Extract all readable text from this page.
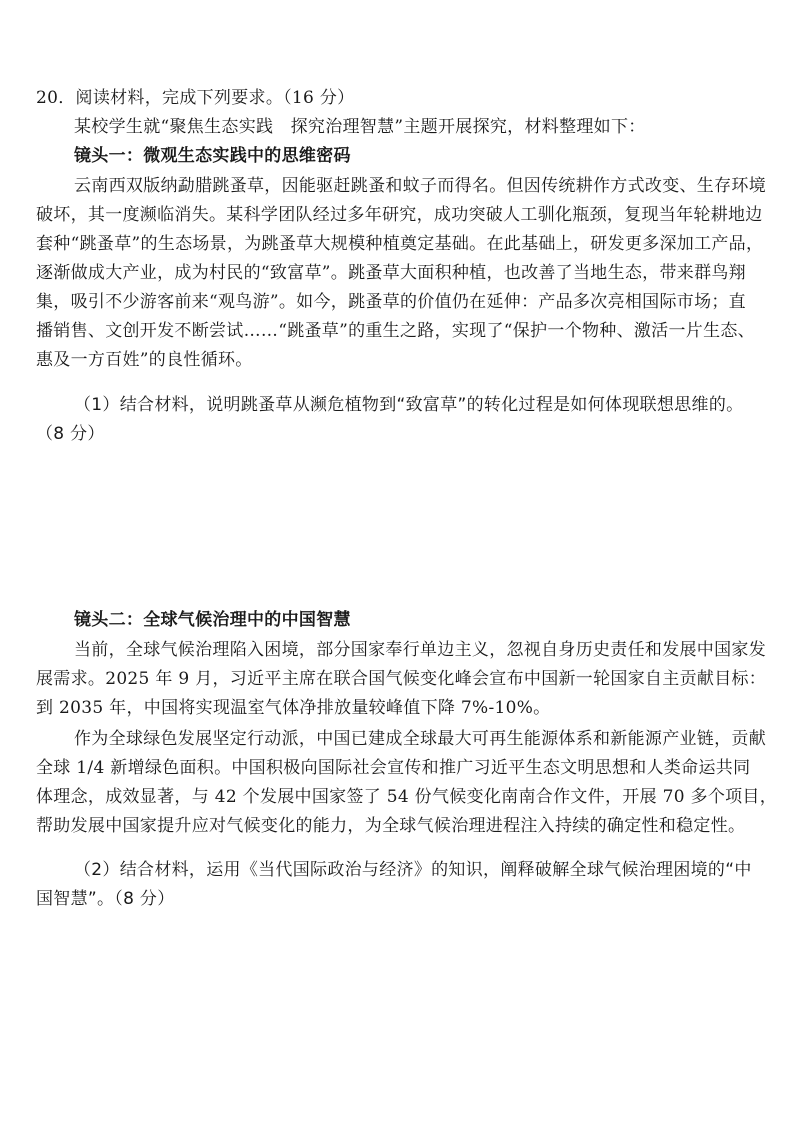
20．阅读材料，完成下列要求。（16 分）
某校学生就“聚焦生态实践　探究治理智慧”主题开展探究，材料整理如下：
镜头一：微观生态实践中的思维密码
云南西双版纳勐腊跳蚤草，因能驱赶跳蚤和蚊子而得名。但因传统耕作方式改变、生存环境
破坏，其一度濒临消失。某科学团队经过多年研究，成功突破人工驯化瓶颈，复现当年轮耕地边
套种“跳蚤草”的生态场景，为跳蚤草大规模种植奠定基础。在此基础上，研发更多深加工产品，
逐渐做成大产业，成为村民的“致富草”。跳蚤草大面积种植，也改善了当地生态，带来群鸟翔
集，吸引不少游客前来“观鸟游”。如今，跳蚤草的价值仍在延伸：产品多次亮相国际市场；直
播销售、文创开发不断尝试……“跳蚤草”的重生之路，实现了“保护一个物种、激活一片生态、
惠及一方百姓”的良性循环。
（1）结合材料，说明跳蚤草从濒危植物到“致富草”的转化过程是如何体现联想思维的。
（8 分）
镜头二：全球气候治理中的中国智慧
当前，全球气候治理陷入困境，部分国家奉行单边主义，忽视自身历史责任和发展中国家发
展需求。2025 年 9 月，习近平主席在联合国气候变化峰会宣布中国新一轮国家自主贡献目标：
到 2035 年，中国将实现温室气体净排放量较峰值下降 7%-10%。
作为全球绿色发展坚定行动派，中国已建成全球最大可再生能源体系和新能源产业链，贡献
全球 1/4 新增绿色面积。中国积极向国际社会宣传和推广习近平生态文明思想和人类命运共同
体理念，成效显著，与 42 个发展中国家签了 54 份气候变化南南合作文件，开展 70 多个项目，
帮助发展中国家提升应对气候变化的能力，为全球气候治理进程注入持续的确定性和稳定性。
（2）结合材料，运用《当代国际政治与经济》的知识，阐释破解全球气候治理困境的“中
国智慧”。（8 分）
